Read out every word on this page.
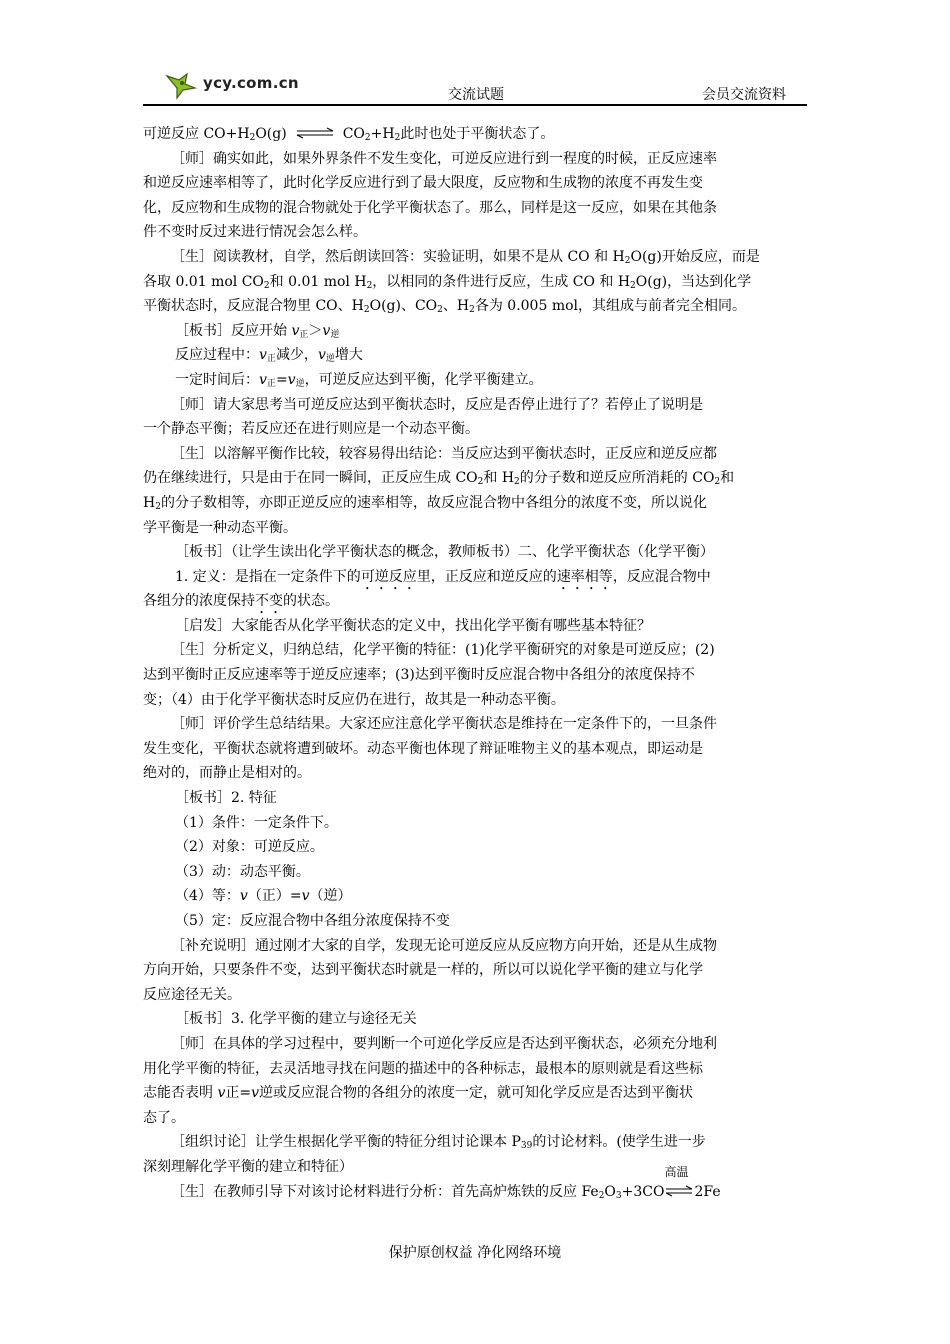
ycy.com.cn
交流试题	会员交流资料
可逆反应 $CO+H_2O(g)\rightleftharpoons CO_2+H_2$此时也处于平衡状态了。
［师］确实如此，如果外界条件不发生变化，可逆反应进行到一程度的时候，正反应速率
和逆反应速率相等了，此时化学反应进行到了最大限度，反应物和生成物的浓度不再发生变
化，反应物和生成物的混合物就处于化学平衡状态了。那么，同样是这一反应，如果在其他条
件不变时反过来进行情况会怎么样。
［生］阅读教材，自学，然后朗读回答：实验证明，如果不是从 CO 和 $H_2O(g)$开始反应，而是
各取 0.01 mol $CO_2$和 0.01 mol $H_2$，以相同的条件进行反应，生成 CO 和 $H_2O(g)$，当达到化学
平衡状态时，反应混合物里 CO、$H_2O(g)$、$CO_2$、$H_2$各为 0.005 mol，其组成与前者完全相同。
［板书］反应开始 $v_正>v_逆$
反应过程中：$v_正$减少，$v_逆$增大
一定时间后：$v_正=v_逆$，可逆反应达到平衡，化学平衡建立。
［师］请大家思考当可逆反应达到平衡状态时，反应是否停止进行了？若停止了说明是
一个静态平衡；若反应还在进行则应是一个动态平衡。
［生］以溶解平衡作比较，较容易得出结论：当反应达到平衡状态时，正反应和逆反应都
仍在继续进行，只是由于在同一瞬间，正反应生成 $CO_2$和 $H_2$的分子数和逆反应所消耗的 $CO_2$和
$H_2$的分子数相等，亦即正逆反应的速率相等，故反应混合物中各组分的浓度不变，所以说化
学平衡是一种动态平衡。
［板书］（让学生读出化学平衡状态的概念，教师板书）二、化学平衡状态（化学平衡）
1. 定义：是指在一定条件下的可逆反应里，正反应和逆反应的速率相等，反应混合物中
各组分的浓度保持不变的状态。
［启发］大家能否从化学平衡状态的定义中，找出化学平衡有哪些基本特征？
［生］分析定义，归纳总结，化学平衡的特征：(1)化学平衡研究的对象是可逆反应；(2)
达到平衡时正反应速率等于逆反应速率；(3)达到平衡时反应混合物中各组分的浓度保持不
变；（4）由于化学平衡状态时反应仍在进行，故其是一种动态平衡。
［师］评价学生总结结果。大家还应注意化学平衡状态是维持在一定条件下的，一旦条件
发生变化，平衡状态就将遭到破坏。动态平衡也体现了辩证唯物主义的基本观点，即运动是
绝对的，而静止是相对的。
［板书］2. 特征
（1）条件：一定条件下。
（2）对象：可逆反应。
（3）动：动态平衡。
（4）等：v（正）=v（逆）
（5）定：反应混合物中各组分浓度保持不变
［补充说明］通过刚才大家的自学，发现无论可逆反应从反应物方向开始，还是从生成物
方向开始，只要条件不变，达到平衡状态时就是一样的，所以可以说化学平衡的建立与化学
反应途径无关。
［板书］3. 化学平衡的建立与途径无关
［师］在具体的学习过程中，要判断一个可逆化学反应是否达到平衡状态，必须充分地利
用化学平衡的特征，去灵活地寻找在问题的描述中的各种标志，最根本的原则就是看这些标
志能否表明 v正=v逆或反应混合物的各组分的浓度一定，就可知化学反应是否达到平衡状
态了。
［组织讨论］让学生根据化学平衡的特征分组讨论课本 $P_{39}$的讨论材料。(使学生进一步
深刻理解化学平衡的建立和特征）
［生］在教师引导下对该讨论材料进行分析：首先高炉炼铁的反应 $Fe_2O_3+3CO$
高温
2Fe
保护原创权益 净化网络环境
